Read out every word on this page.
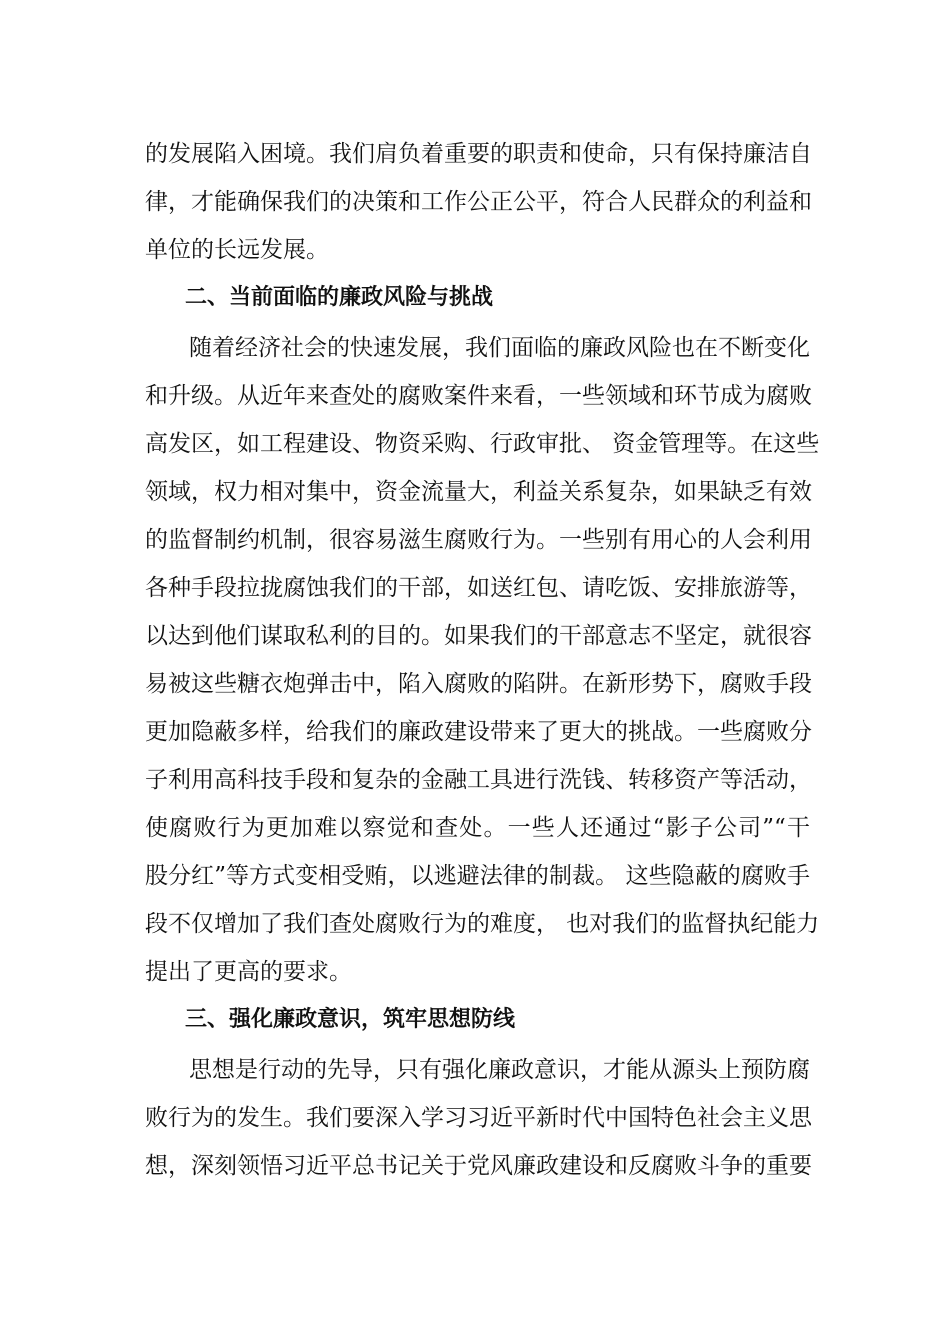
的发展陷入困境。我们肩负着重要的职责和使命，只有保持廉洁自
律，才能确保我们的决策和工作公正公平，符合人民群众的利益和
单位的长远发展。
二、当前面临的廉政风险与挑战
随着经济社会的快速发展，我们面临的廉政风险也在不断变化
和升级。从近年来查处的腐败案件来看，一些领域和环节成为腐败
高发区，如工程建设、物资采购、行政审批、 资金管理等。在这些
领域，权力相对集中，资金流量大，利益关系复杂，如果缺乏有效
的监督制约机制，很容易滋生腐败行为。一些别有用心的人会利用
各种手段拉拢腐蚀我们的干部，如送红包、请吃饭、安排旅游等，
以达到他们谋取私利的目的。如果我们的干部意志不坚定，就很容
易被这些糖衣炮弹击中，陷入腐败的陷阱。在新形势下，腐败手段
更加隐蔽多样，给我们的廉政建设带来了更大的挑战。一些腐败分
子利用高科技手段和复杂的金融工具进行洗钱、转移资产等活动，
使腐败行为更加难以察觉和查处。一些人还通过“影子公司”“干
股分红”等方式变相受贿，以逃避法律的制裁。 这些隐蔽的腐败手
段不仅增加了我们查处腐败行为的难度， 也对我们的监督执纪能力
提出了更高的要求。
三、强化廉政意识，筑牢思想防线
思想是行动的先导，只有强化廉政意识，才能从源头上预防腐
败行为的发生。我们要深入学习习近平新时代中国特色社会主义思
想，深刻领悟习近平总书记关于党风廉政建设和反腐败斗争的重要
